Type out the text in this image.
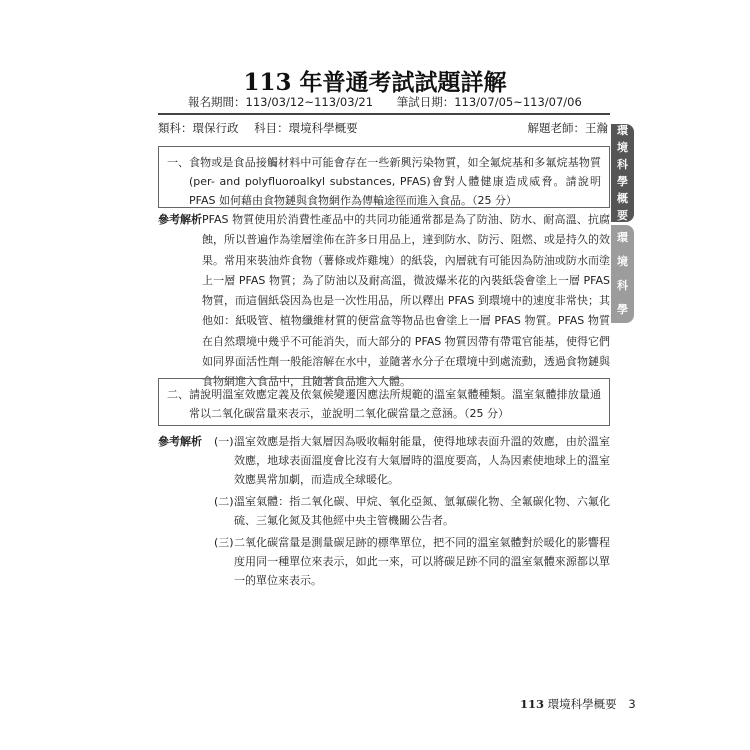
113 年普通考試試題詳解
報名期間：113/03/12~113/03/21 筆試日期：113/07/05~113/07/06
類科：環保行政 科目：環境科學概要	解題老師：王瀚 環
境
科
學
概
要
環
境
科
學
一、 食物或是食品接觸材料中可能會存在一些新興污染物質，如全氟烷基和多氟烷基物質(per- and polyfluoroalkyl substances, PFAS)會對人體健康造成威脅。請說明 PFAS 如何藉由食物鏈與食物網作為傳輸途徑而進入食品。（25 分）
參考解析 PFAS 物質使用於消費性產品中的共同功能通常都是為了防油、防水、耐高溫、抗腐蝕，所以普遍作為塗層塗佈在許多日用品上，達到防水、防污、阻燃、或是持久的效果。常用來裝油炸食物（薯條或炸雞塊）的紙袋，內層就有可能因為防油或防水而塗上一層 PFAS 物質；為了防油以及耐高溫，微波爆米花的內裝紙袋會塗上一層 PFAS 物質，而這個紙袋因為也是一次性用品，所以釋出 PFAS 到環境中的速度非常快；其他如：紙吸管、植物纖維材質的便當盒等物品也會塗上一層 PFAS 物質。PFAS 物質在自然環境中幾乎不可能消失，而大部分的 PFAS 物質因帶有帶電官能基，使得它們如同界面活性劑一般能溶解在水中，並隨著水分子在環境中到處流動，透過食物鏈與食物網進入食品中，且隨著食品進入人體。
二、 請說明溫室效應定義及依氣候變遷因應法所規範的溫室氣體種類。溫室氣體排放量通常以二氧化碳當量來表示，並說明二氧化碳當量之意涵。（25 分）
參考解析 (一) 溫室效應是指大氣層因為吸收輻射能量，使得地球表面升溫的效應，由於溫室效應，地球表面溫度會比沒有大氣層時的溫度要高，人為因素使地球上的溫室效應異常加劇，而造成全球暖化。
(二) 溫室氣體：指二氧化碳、甲烷、氧化亞氮、氫氟碳化物、全氟碳化物、六氟化硫、三氟化氮及其他經中央主管機關公告者。
(三) 二氧化碳當量是測量碳足跡的標準單位，把不同的溫室氣體對於暖化的影響程度用同一種單位來表示，如此一來，可以將碳足跡不同的溫室氣體來源都以單一的單位來表示。
113 環境科學概要 3
